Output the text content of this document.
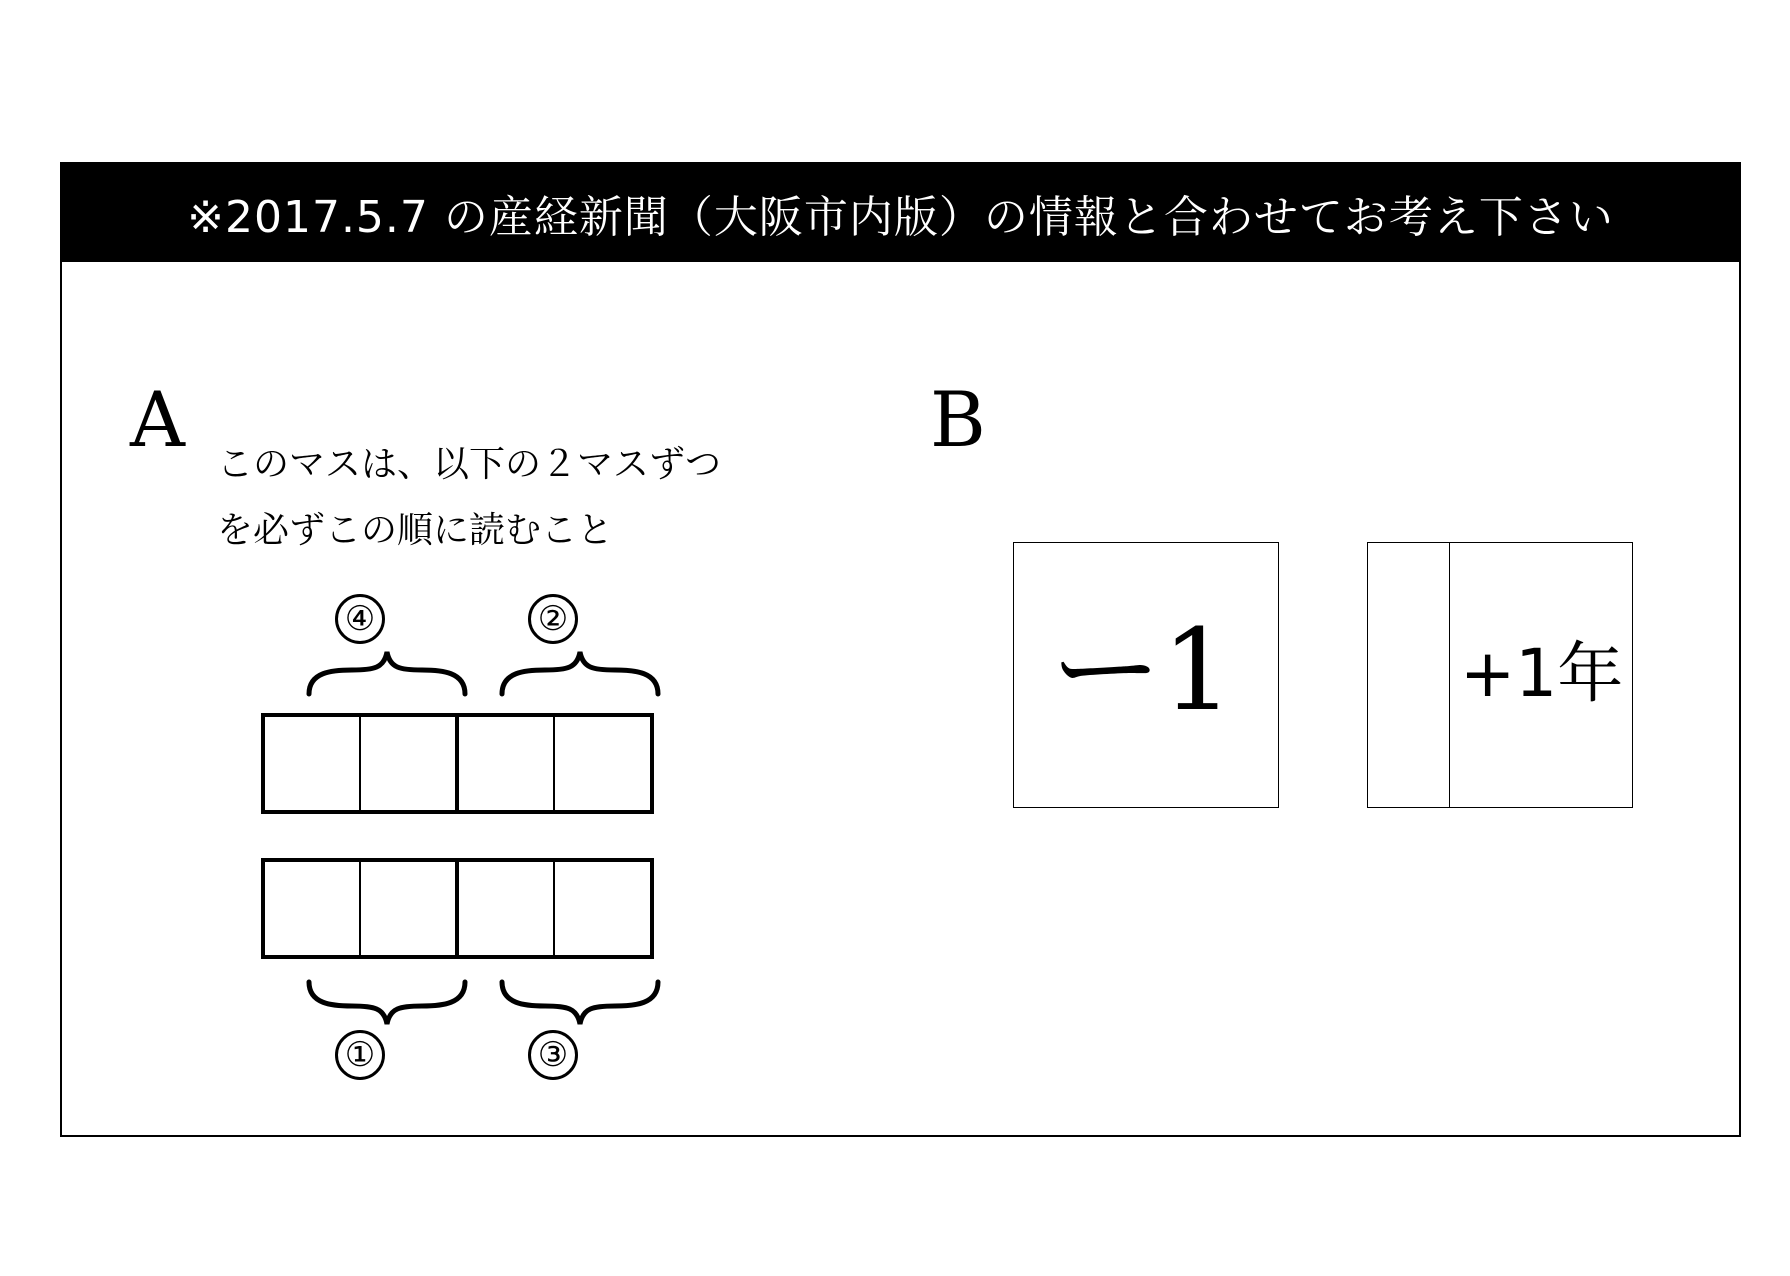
※2017.5.7 の産経新聞（大阪市内版）の情報と合わせてお考え下さい
A
このマスは、以下の２マスずつ
を必ずこの順に読むこと
④	②
①	③
B
ー1	+1年
